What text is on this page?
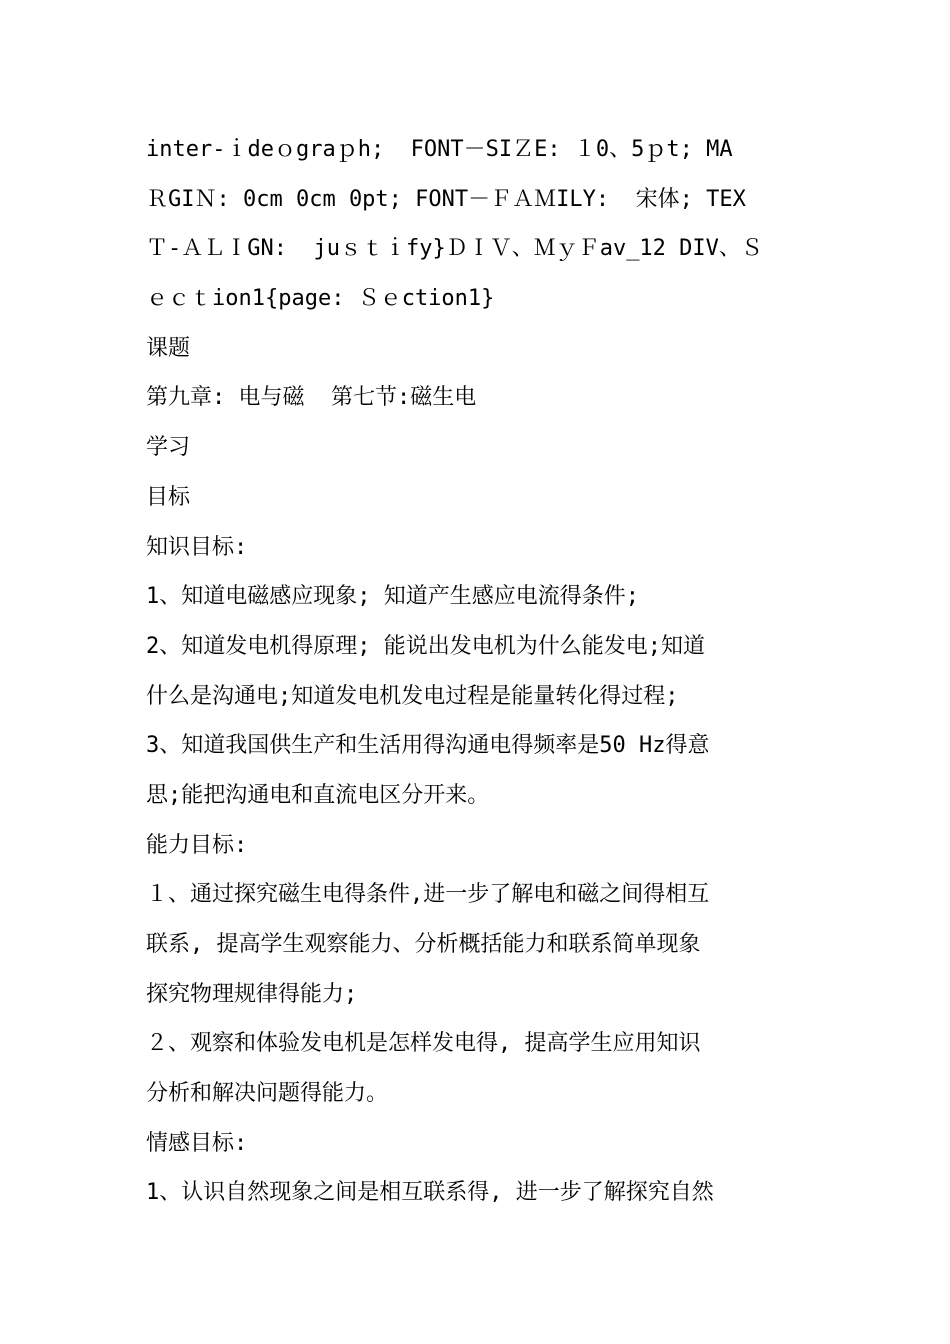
inter-ｉdeｏgraｐh;  FONT－SIＺE: １0、5ｐt; MA
ＲGIＮ: 0cm 0cm 0pt; FONT－ＦＡＭILY:  宋体; TEX
Ｔ-ＡＬＩGN:  juｓｔｉfy}ＤＩＶ、ＭｙＦav_12 DIV、Ｓ
ｅｃｔion1{page: Ｓｅction1}
课题
第九章: 电与磁  第七节:磁生电
学习
目标
知识目标:
1、知道电磁感应现象; 知道产生感应电流得条件;
2、知道发电机得原理; 能说出发电机为什么能发电;知道
什么是沟通电;知道发电机发电过程是能量转化得过程;
3、知道我国供生产和生活用得沟通电得频率是50 Hz得意
思;能把沟通电和直流电区分开来。
能力目标:
１、通过探究磁生电得条件,进一步了解电和磁之间得相互
联系, 提高学生观察能力、分析概括能力和联系简单现象
探究物理规律得能力;
２、观察和体验发电机是怎样发电得, 提高学生应用知识
分析和解决问题得能力。
情感目标:
1、认识自然现象之间是相互联系得, 进一步了解探究自然
